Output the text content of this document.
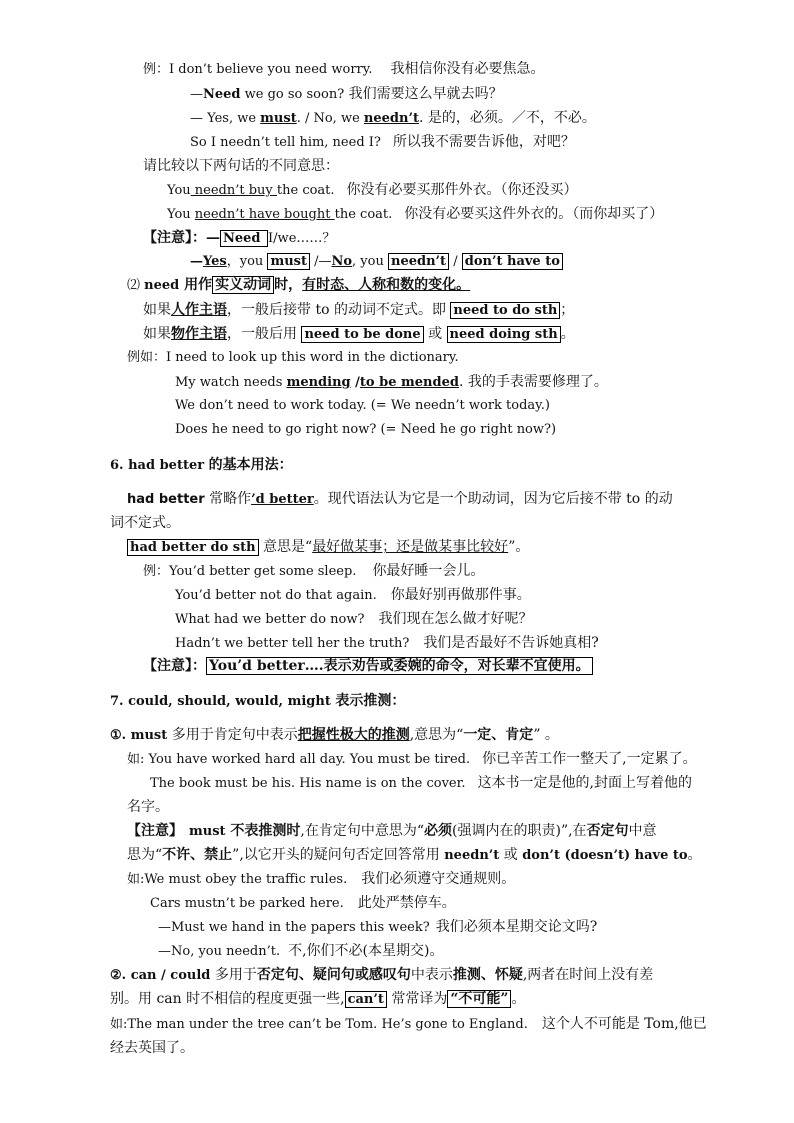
例：I don’t believe you need worry. 我相信你没有必要焦急。
—Need we go so soon? 我们需要这么早就去吗？
— Yes, we must. / No, we needn’t. 是的，必须。／不，不必。
So I needn’t tell him, need I? 所以我不需要告诉他，对吧？
请比较以下两句话的不同意思：
You needn’t buy the coat. 你没有必要买那件外衣。（你还没买）
You needn’t have bought the coat. 你没有必要买这件外衣的。（而你却买了）
【注意】：— Need I/we……？
—Yes，you must /—No, you needn’t / don’t have to
⑵ need 用作 实义动词 时，有时态、人称和数的变化。
如果人作主语，一般后接带 to 的动词不定式。即 need to do sth ；
如果物作主语，一般后用 need to be done 或 need doing sth 。
例如：I need to look up this word in the dictionary.
My watch needs mending /to be mended. 我的手表需要修理了。
We don’t need to work today. (= We needn’t work today.)
Does he need to go right now? (= Need he go right now?)
6. had better 的基本用法：
had better 常略作’d better。现代语法认为它是一个助动词，因为它后接不带 to 的动
词不定式。
had better do sth 意思是“最好做某事；还是做某事比较好”。
例：You’d better get some sleep. 你最好睡一会儿。
You’d better not do that again. 你最好别再做那件事。
What had we better do now? 我们现在怎么做才好呢？
Hadn’t we better tell her the truth? 我们是否最好不告诉她真相?
【注意】： You’d better….表示劝告或委婉的命令，对长辈不宜使用。
7. could, should, would, might 表示推测：
①. must 多用于肯定句中表示把握性极大的推测,意思为“一定、肯定” 。
如: You have worked hard all day. You must be tired. 你已辛苦工作一整天了,一定累了。
The book must be his. His name is on the cover. 这本书一定是他的,封面上写着他的
名字。
【注意】 must 不表推测时,在肯定句中意思为“必须(强调内在的职责)”,在否定句中意
思为“不许、禁止”,以它开头的疑问句否定回答常用 needn’t 或 don’t (doesn’t) have to。
如:We must obey the traffic rules. 我们必须遵守交通规则。
Cars mustn’t be parked here. 此处严禁停车。
—Must we hand in the papers this week? 我们必须本星期交论文吗?
—No, you needn’t. 不,你们不必(本星期交)。
②. can / could 多用于否定句、疑问句或感叹句中表示推测、怀疑,两者在时间上没有差
别。用 can 时不相信的程度更强一些, can’t 常常译为 “不可能” 。
如:The man under the tree can’t be Tom. He’s gone to England. 这个人不可能是 Tom,他已
经去英国了。
